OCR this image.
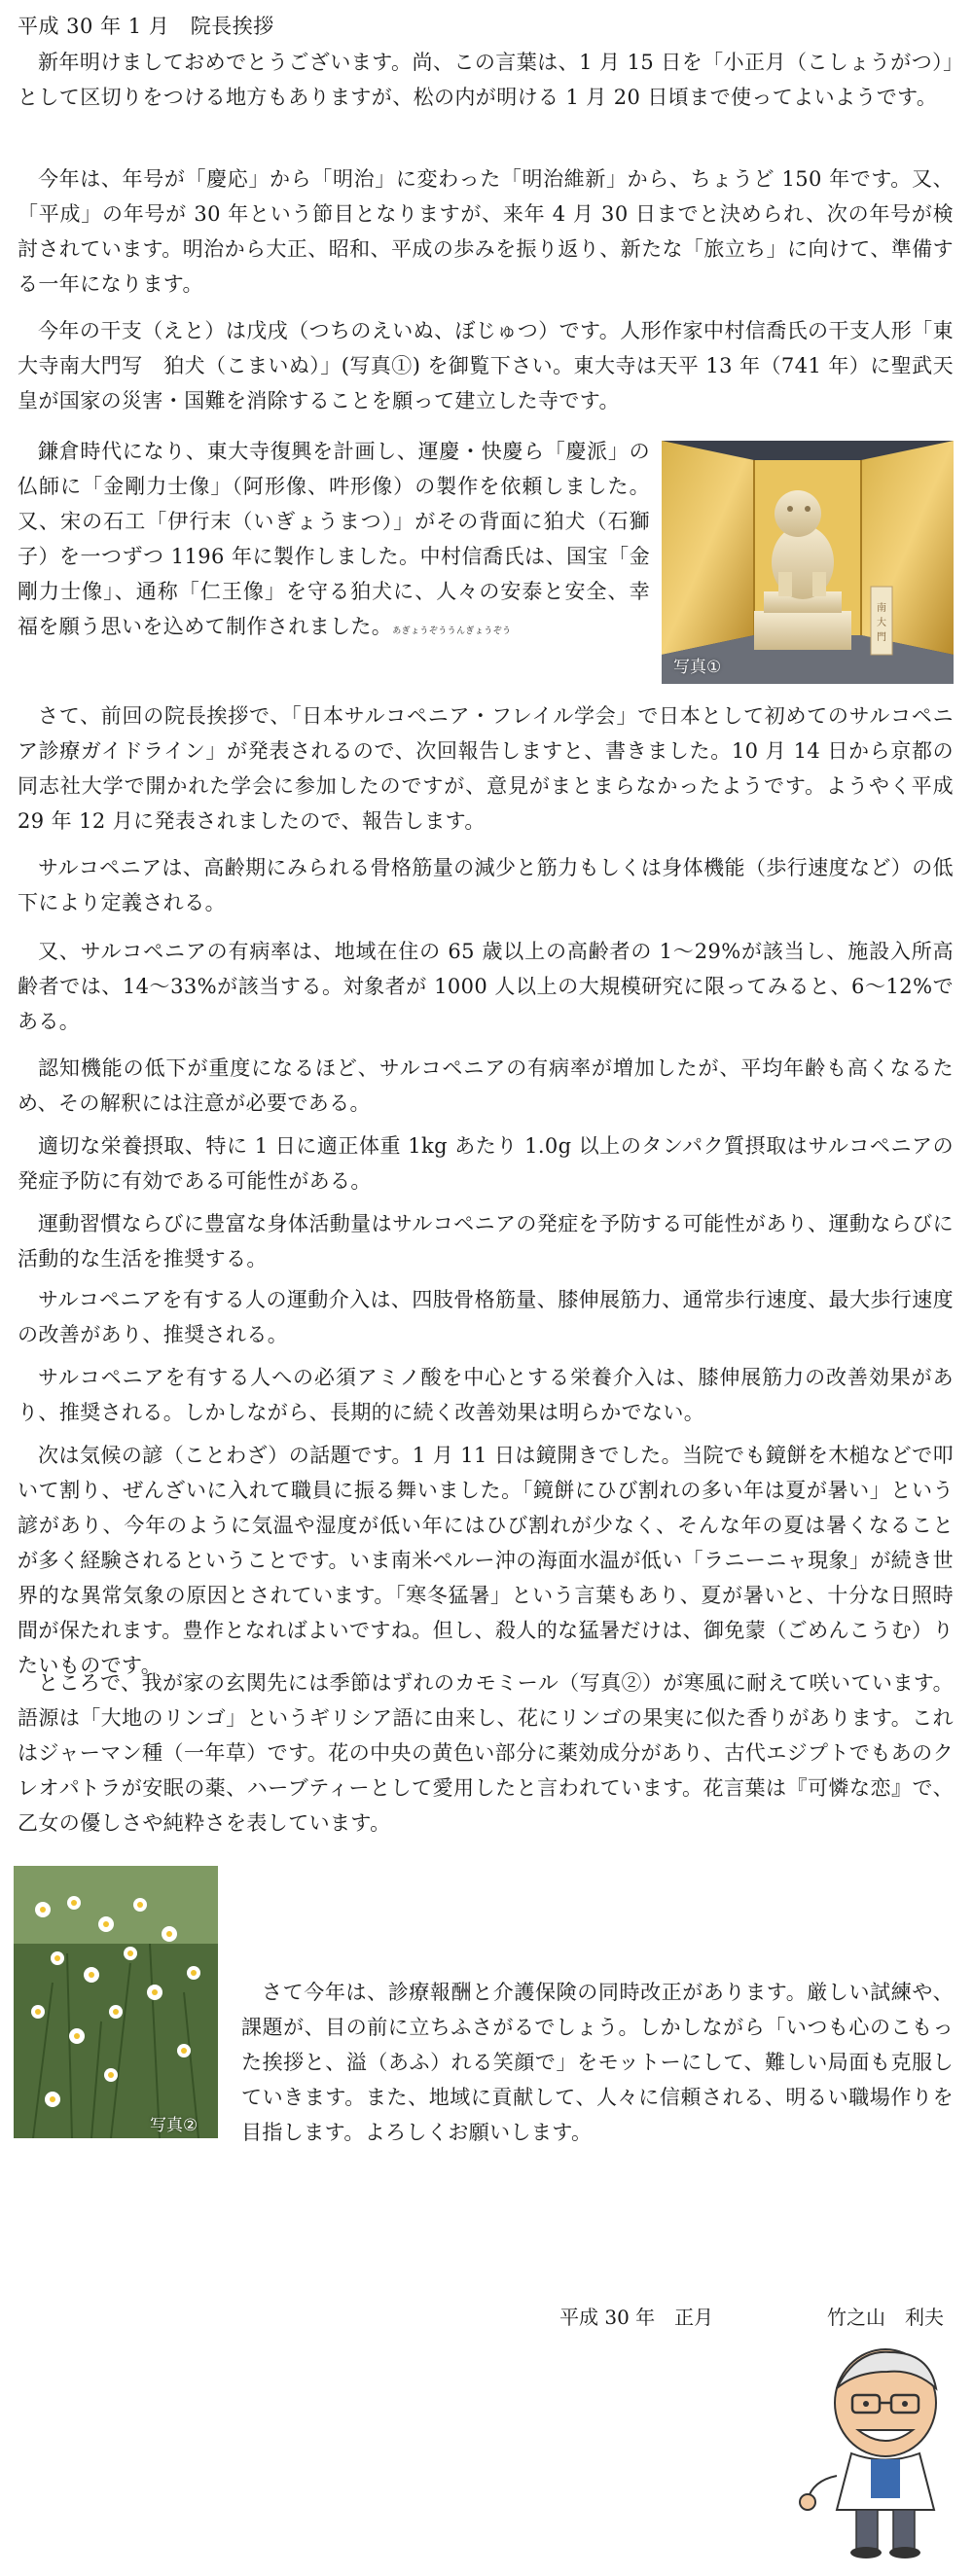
平成 30 年 1 月　院長挨拶
南
大
門
写真①
写真②

新年明けましておめでとうございます。尚、この言葉は、1 月 15 日を「小正月（こしょうがつ）」として区切りをつける地方もありますが、松の内が明ける 1 月 20 日頃まで使ってよいようです。

今年は、年号が「慶応」から「明治」に変わった「明治維新」から、ちょうど 150 年です。又、「平成」の年号が 30 年という節目となりますが、来年 4 月 30 日までと決められ、次の年号が検討されています。明治から大正、昭和、平成の歩みを振り返り、新たな「旅立ち」に向けて、準備する一年になります。

今年の干支（えと）は戊戌（つちのえいぬ、ぼじゅつ）です。人形作家中村信喬氏の干支人形「東大寺南大門写　狛犬（こまいぬ）」(写真①) を御覧下さい。東大寺は天平 13 年（741 年）に聖武天皇が国家の災害・国難を消除することを願って建立した寺です。

鎌倉時代になり、東大寺復興を計画し、運慶・快慶ら「慶派」の仏師に「金剛力士像」（阿形像、吽形像）の製作を依頼しました。又、宋の石工「伊行末（いぎょうまつ）」がその背面に狛犬（石獅子）を一つずつ 1196 年に製作しました。中村信喬氏は、国宝「金剛力士像」、通称「仁王像」を守る狛犬に、人々の安泰と安全、幸福を願う思いを込めて制作されました。あぎょうぞううんぎょうぞう

さて、前回の院長挨拶で、「日本サルコペニア・フレイル学会」で日本として初めてのサルコペニア診療ガイドライン」が発表されるので、次回報告しますと、書きました。10 月 14 日から京都の同志社大学で開かれた学会に参加したのですが、意見がまとまらなかったようです。ようやく平成 29 年 12 月に発表されましたので、報告します。

サルコペニアは、高齢期にみられる骨格筋量の減少と筋力もしくは身体機能（歩行速度など）の低下により定義される。

又、サルコペニアの有病率は、地域在住の 65 歳以上の高齢者の 1〜29%が該当し、施設入所高齢者では、14〜33%が該当する。対象者が 1000 人以上の大規模研究に限ってみると、6〜12%である。

認知機能の低下が重度になるほど、サルコペニアの有病率が増加したが、平均年齢も高くなるため、その解釈には注意が必要である。

適切な栄養摂取、特に 1 日に適正体重 1kg あたり 1.0g 以上のタンパク質摂取はサルコペニアの発症予防に有効である可能性がある。

運動習慣ならびに豊富な身体活動量はサルコペニアの発症を予防する可能性があり、運動ならびに活動的な生活を推奨する。

サルコペニアを有する人の運動介入は、四肢骨格筋量、膝伸展筋力、通常歩行速度、最大歩行速度の改善があり、推奨される。

サルコペニアを有する人への必須アミノ酸を中心とする栄養介入は、膝伸展筋力の改善効果があり、推奨される。しかしながら、長期的に続く改善効果は明らかでない。

次は気候の諺（ことわざ）の話題です。1 月 11 日は鏡開きでした。当院でも鏡餅を木槌などで叩いて割り、ぜんざいに入れて職員に振る舞いました。「鏡餅にひび割れの多い年は夏が暑い」という諺があり、今年のように気温や湿度が低い年にはひび割れが少なく、そんな年の夏は暑くなることが多く経験されるということです。いま南米ペルー沖の海面水温が低い「ラニーニャ現象」が続き世界的な異常気象の原因とされています。「寒冬猛暑」という言葉もあり、夏が暑いと、十分な日照時間が保たれます。豊作となればよいですね。但し、殺人的な猛暑だけは、御免蒙（ごめんこうむ）りたいものです。

ところで、我が家の玄関先には季節はずれのカモミール（写真②）が寒風に耐えて咲いています。語源は「大地のリンゴ」というギリシア語に由来し、花にリンゴの果実に似た香りがあります。これはジャーマン種（一年草）です。花の中央の黄色い部分に薬効成分があり、古代エジプトでもあのクレオパトラが安眠の薬、ハーブティーとして愛用したと言われています。花言葉は『可憐な恋』で、乙女の優しさや純粋さを表しています。

さて今年は、診療報酬と介護保険の同時改正があります。厳しい試練や、課題が、目の前に立ちふさがるでしょう。しかしながら「いつも心のこもった挨拶と、溢（あふ）れる笑顔で」をモットーにして、難しい局面も克服していきます。また、地域に貢献して、人々に信頼される、明るい職場作りを目指します。よろしくお願いします。

平成 30 年　正月	竹之山　利夫
